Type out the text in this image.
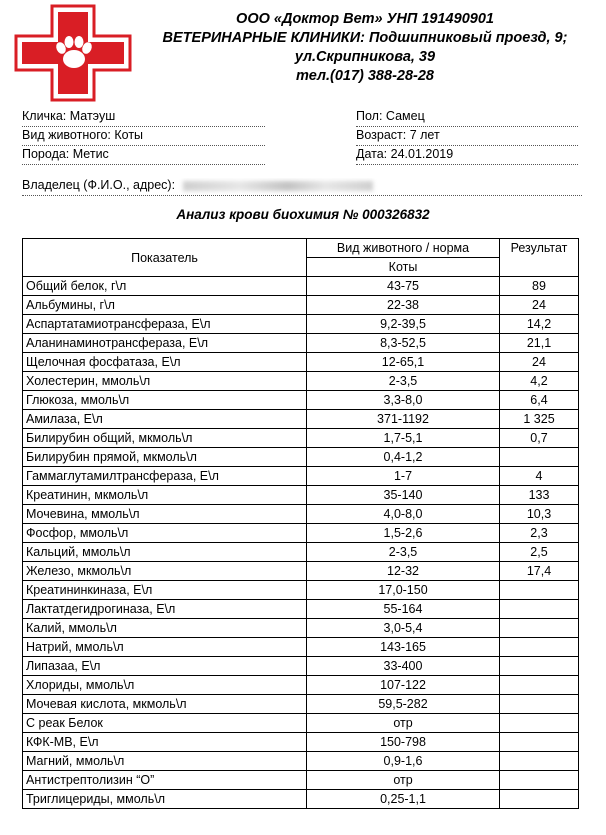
ООО «Доктор Вет» УНП 191490901
ВЕТЕРИНАРНЫЕ КЛИНИКИ: Подшипниковый проезд, 9;
ул.Скрипникова, 39
тел.(017) 388-28-28
Кличка: Матэуш
Вид животного: Коты
Порода: Метис
Пол: Самец
Возраст: 7 лет
Дата: 24.01.2019
Владелец (Ф.И.О., адрес):
Анализ крови биохимия № 000326832
Показатель	Вид животного / норма	Результат
	Коты	
Общий белок, г\л	43-75	89
Альбумины, г\л	22-38	24
Аспартатамиотрансфераза, Е\л	9,2-39,5	14,2
Аланинаминотрансфераза, Е\л	8,3-52,5	21,1
Щелочная фосфатаза, Е\л	12-65,1	24
Холестерин, ммоль\л	2-3,5	4,2
Глюкоза, ммоль\л	3,3-8,0	6,4
Амилаза, Е\л	371-1192	1 325
Билирубин общий, мкмоль\л	1,7-5,1	0,7
Билирубин прямой, мкмоль\л	0,4-1,2	
Гаммаглутамилтрансфераза, Е\л	1-7	4
Креатинин, мкмоль\л	35-140	133
Мочевина, ммоль\л	4,0-8,0	10,3
Фосфор, ммоль\л	1,5-2,6	2,3
Кальций, ммоль\л	2-3,5	2,5
Железо, мкмоль\л	12-32	17,4
Креатининкиназа, Е\л	17,0-150	
Лактатдегидрогиназа, Е\л	55-164	
Калий, ммоль\л	3,0-5,4	
Натрий, ммоль\л	143-165	
Липазаа, Е\л	33-400	
Хлориды, ммоль\л	107-122	
Мочевая кислота, мкмоль\л	59,5-282	
С реак Белок	отр	
КФК-МВ, Е\л	150-798	
Магний, ммоль\л	0,9-1,6	
Антистрептолизин “О”	отр	
Триглицериды, ммоль\л	0,25-1,1	
